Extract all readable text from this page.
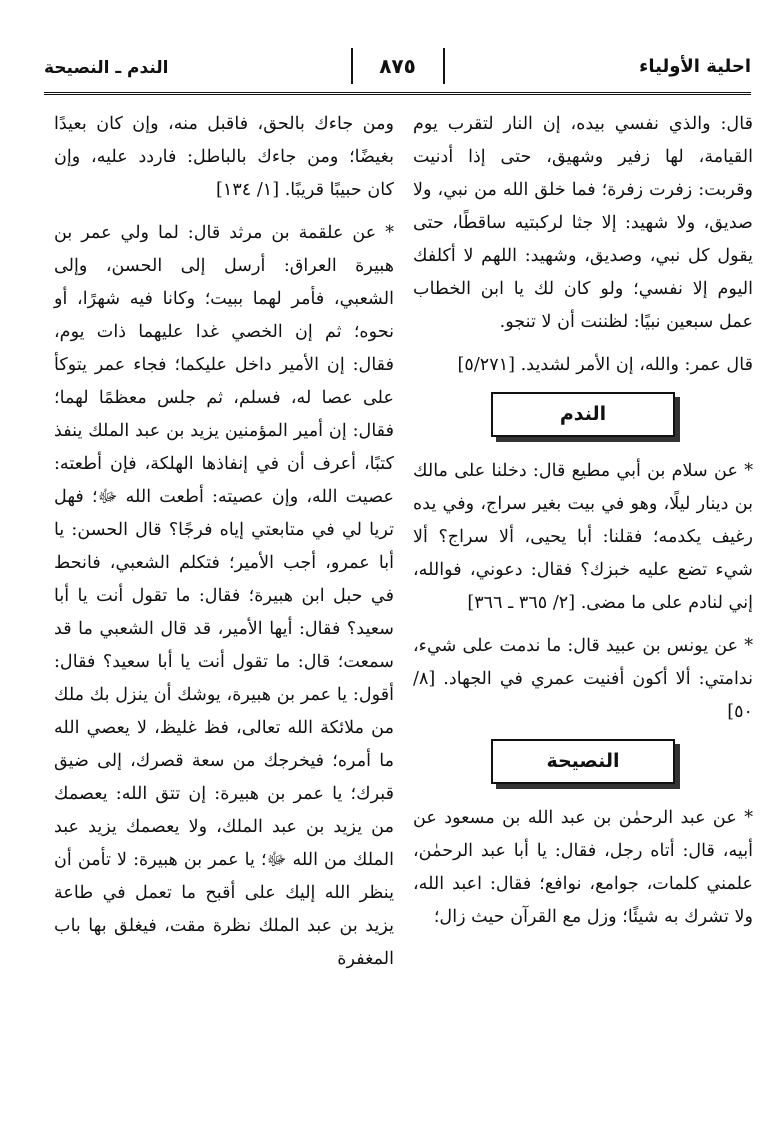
الندم ـ النصيحة	٨٧٥	احلية الأولياء

قال: والذي نفسي بيده، إن النار لتقرب يوم القيامة، لها زفير وشهيق، حتى إذا أدنيت وقربت: زفرت زفرة؛ فما خلق الله من نبي، ولا صديق، ولا شهيد: إلا جثا لركبتيه ساقطًا، حتى يقول كل نبي، وصديق، وشهيد: اللهم لا أكلفك اليوم إلا نفسي؛ ولو كان لك يا ابن الخطاب عمل سبعين نبيًا: لظننت أن لا تنجو.

قال عمر: والله، إن الأمر لشديد. [٥/٢٧١]

الندم

* عن سلام بن أبي مطيع قال: دخلنا على مالك بن دينار ليلًا، وهو في بيت بغير سراج، وفي يده رغيف يكدمه؛ فقلنا: أبا يحيى، ألا سراج؟ ألا شيء تضع عليه خبزك؟ فقال: دعوني، فوالله، إني لنادم على ما مضى. [٢/ ٣٦٥ ـ ٣٦٦]

* عن يونس بن عبيد قال: ما ندمت على شيء، ندامتي: ألا أكون أفنيت عمري في الجهاد. [٨/ ٥٠]

النصيحة

* عن عبد الرحمٰن بن عبد الله بن مسعود عن أبيه، قال: أتاه رجل، فقال: يا أبا عبد الرحمٰن، علمني كلمات، جوامع، نوافع؛ فقال: اعبد الله، ولا تشرك به شيئًا؛ وزل مع القرآن حيث زال؛

ومن جاءك بالحق، فاقبل منه، وإن كان بعيدًا بغيضًا؛ ومن جاءك بالباطل: فاردد عليه، وإن كان حبيبًا قريبًا. [١/ ١٣٤]

* عن علقمة بن مرثد قال: لما ولي عمر بن هبيرة العراق: أرسل إلى الحسن، وإلى الشعبي، فأمر لهما ببيت؛ وكانا فيه شهرًا، أو نحوه؛ ثم إن الخصي غدا عليهما ذات يوم، فقال: إن الأمير داخل عليكما؛ فجاء عمر يتوكأ على عصا له، فسلم، ثم جلس معظمًا لهما؛ فقال: إن أمير المؤمنين يزيد بن عبد الملك ينفذ كتبًا، أعرف أن في إنفاذها الهلكة، فإن أطعته: عصيت الله، وإن عصيته: أطعت الله ﷻ؛ فهل تريا لي في متابعتي إياه فرجًا؟ قال الحسن: يا أبا عمرو، أجب الأمير؛ فتكلم الشعبي، فانحط في حبل ابن هبيرة؛ فقال: ما تقول أنت يا أبا سعيد؟ فقال: أيها الأمير، قد قال الشعبي ما قد سمعت؛ قال: ما تقول أنت يا أبا سعيد؟ فقال: أقول: يا عمر بن هبيرة، يوشك أن ينزل بك ملك من ملائكة الله تعالى، فظ غليظ، لا يعصي الله ما أمره؛ فيخرجك من سعة قصرك، إلى ضيق قبرك؛ يا عمر بن هبيرة: إن تتق الله: يعصمك من يزيد بن عبد الملك، ولا يعصمك يزيد عبد الملك من الله ﷻ؛ يا عمر بن هبيرة: لا تأمن أن ينظر الله إليك على أقبح ما تعمل في طاعة يزيد بن عبد الملك نظرة مقت، فيغلق بها باب المغفرة
